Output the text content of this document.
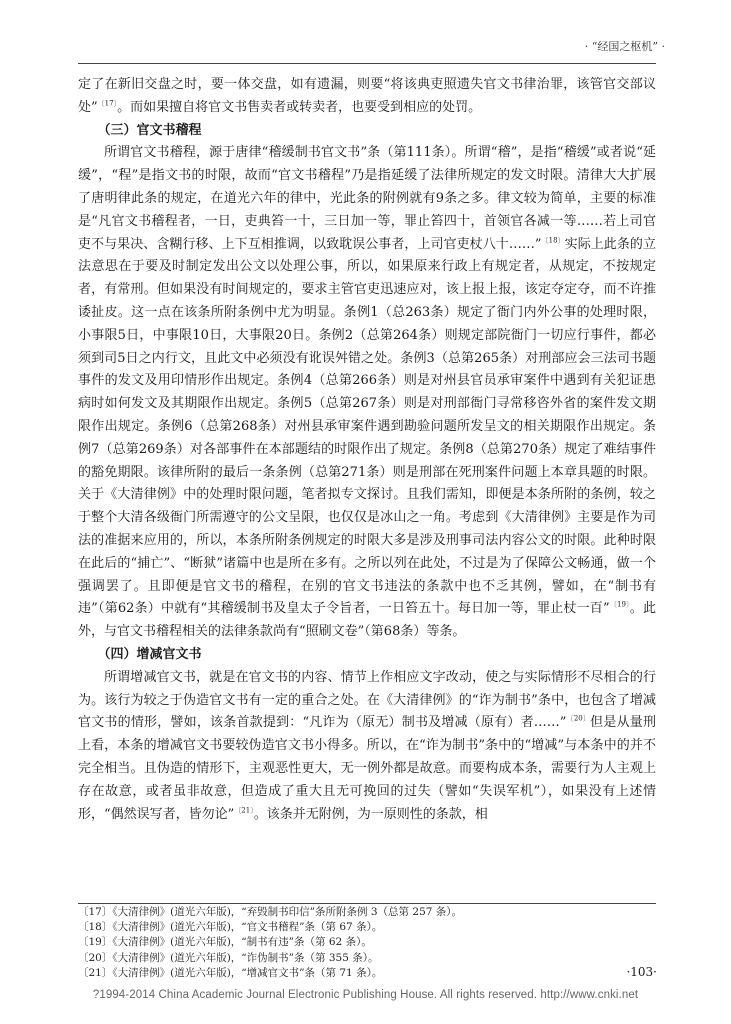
· “经国之枢机” ·

定了在新旧交盘之时，要一体交盘，如有遗漏，则要“将该典吏照遗失官文书律治罪，该管官交部议处”$^{〔17〕}$。而如果擅自将官文书售卖者或转卖者，也要受到相应的处罚。

（三）官文书稽程

所谓官文书稽程，源于唐律“稽缓制书官文书”条（第111条）。所谓“稽”，是指“稽缓”或者说“延缓”，“程”是指文书的时限，故而“官文书稽程”乃是指延缓了法律所规定的发文时限。清律大大扩展了唐明律此条的规定，在道光六年的律中，光此条的附例就有9条之多。律文较为简单，主要的标准是“凡官文书稽程者，一日，吏典笞一十，三日加一等，罪止笞四十，首领官各减一等……若上司官吏不与果决、含糊行移、上下互相推调，以致耽误公事者，上司官吏杖八十……”$^{〔18〕}$实际上此条的立法意思在于要及时制定发出公文以处理公事，所以，如果原来行政上有规定者，从规定，不按规定者，有常刑。但如果没有时间规定的，要求主管官吏迅速应对，该上报上报，该定夺定夺，而不许推诿扯皮。这一点在该条所附条例中尤为明显。条例1（总263条）规定了衙门内外公事的处理时限，小事限5日，中事限10日，大事限20日。条例2（总第264条）则规定部院衙门一切应行事件，都必须到司5日之内行文，且此文中必须没有讹误舛错之处。条例3（总第265条）对刑部应会三法司书题事件的发文及用印情形作出规定。条例4（总第266条）则是对州县官员承审案件中遇到有关犯证患病时如何发文及其期限作出规定。条例5（总第267条）则是对刑部衙门寻常移咨外省的案件发文期限作出规定。条例6（总第268条）对州县承审案件遇到勘验问题所发呈文的相关期限作出规定。条例7（总第269条）对各部事件在本部题结的时限作出了规定。条例8（总第270条）规定了难结事件的豁免期限。该律所附的最后一条条例（总第271条）则是刑部在死刑案件问题上本章具题的时限。关于《大清律例》中的处理时限问题，笔者拟专文探讨。且我们需知，即便是本条所附的条例，较之于整个大清各级衙门所需遵守的公文呈限，也仅仅是冰山之一角。考虑到《大清律例》主要是作为司法的准据来应用的，所以，本条所附条例规定的时限大多是涉及刑事司法内容公文的时限。此种时限在此后的“捕亡”、“断狱”诸篇中也是所在多有。之所以列在此处，不过是为了保障公文畅通，做一个强调罢了。且即便是官文书的稽程，在别的官文书违法的条款中也不乏其例，譬如，在“制书有违”（第62条）中就有“其稽缓制书及皇太子令旨者，一日笞五十。每日加一等，罪止杖一百”$^{〔19〕}$。此外，与官文书稽程相关的法律条款尚有“照刷文卷”（第68条）等条。

（四）增减官文书

所谓增减官文书，就是在官文书的内容、情节上作相应文字改动，使之与实际情形不尽相合的行为。该行为较之于伪造官文书有一定的重合之处。在《大清律例》的“诈为制书”条中，也包含了增减官文书的情形，譬如，该条首款提到：“凡诈为（原无）制书及增减（原有）者……”$^{〔20〕}$但是从量刑上看，本条的增减官文书要较伪造官文书小得多。所以，在“诈为制书”条中的“增减”与本条中的并不完全相当。且伪造的情形下，主观恶性更大，无一例外都是故意。而要构成本条，需要行为人主观上存在故意，或者虽非故意，但造成了重大且无可挽回的过失（譬如“失误军机”），如果没有上述情形，“偶然误写者，皆勿论”$^{〔21〕}$。该条并无附例，为一原则性的条款，相

〔17〕《大清律例》(道光六年版)，“弃毁制书印信”条所附条例 3（总第 257 条）。
〔18〕《大清律例》(道光六年版)，“官文书稽程”条（第 67 条）。
〔19〕《大清律例》(道光六年版)，“制书有违”条（第 62 条）。
〔20〕《大清律例》(道光六年版)，“诈伪制书”条（第 355 条）。
〔21〕《大清律例》(道光六年版)，“增减官文书”条（第 71 条）。	·103·
?1994-2014 China Academic Journal Electronic Publishing House. All rights reserved. http://www.cnki.net
